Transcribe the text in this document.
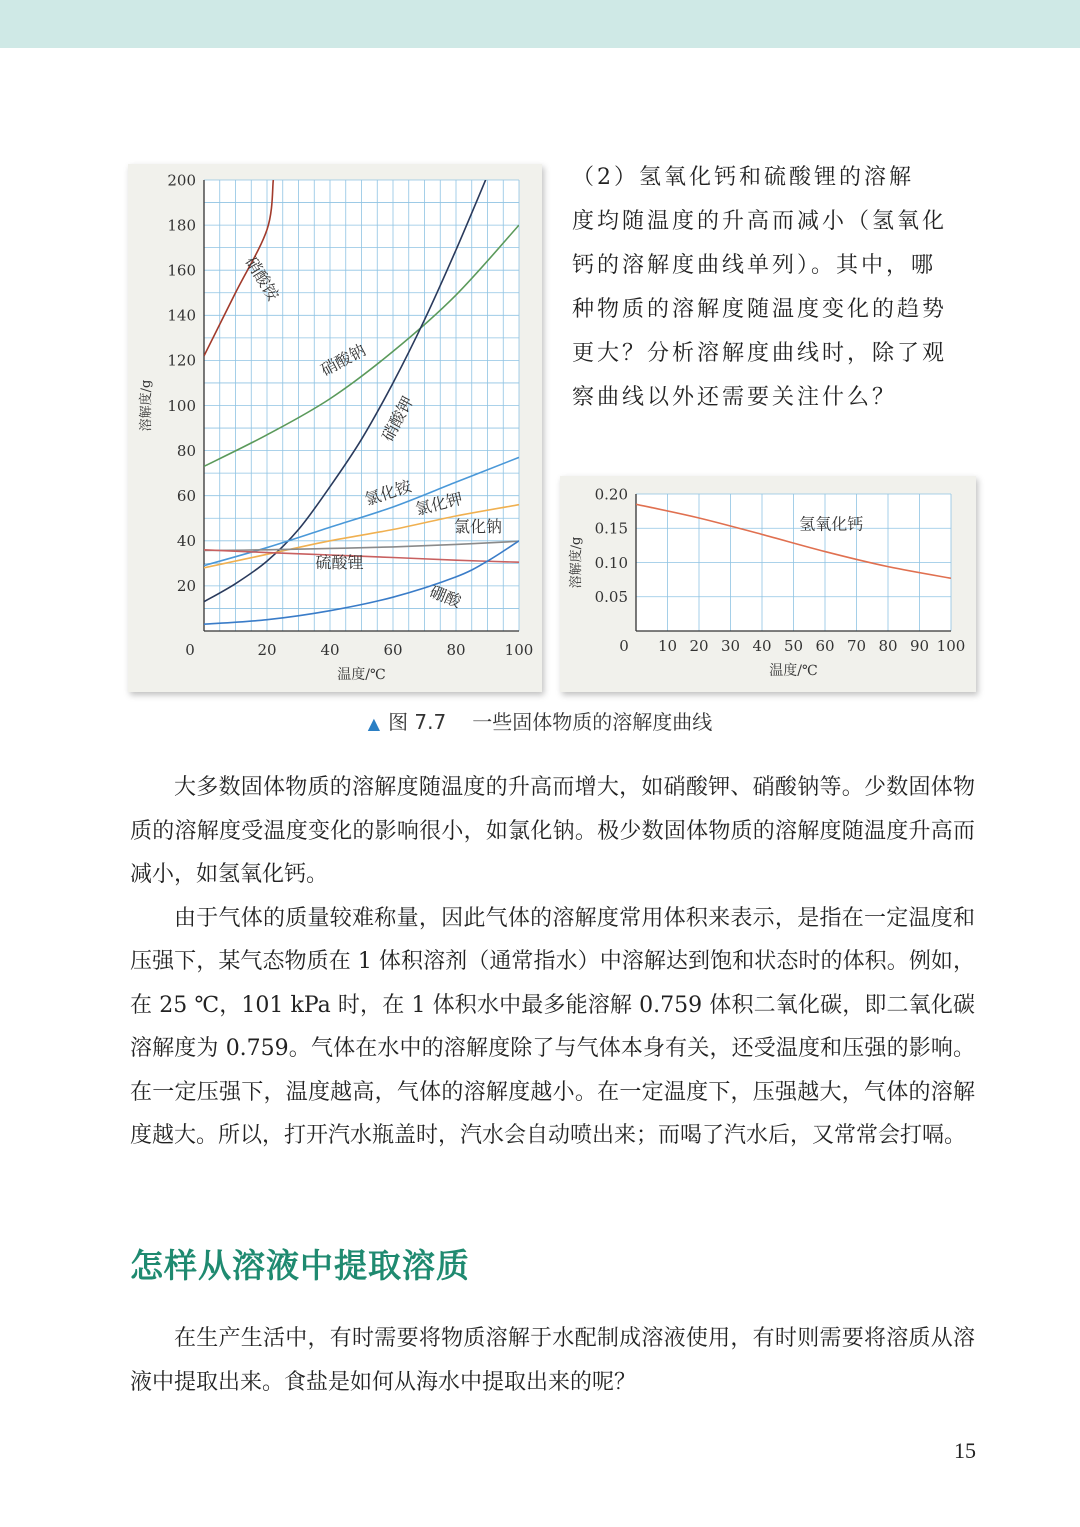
0	20	40	60	80	100
20
40
60
80
100
120
140
160
180
200
温度/℃
溶解度/g
硝酸铵
硝酸钠
硝酸钾
氯化铵 氯化钾
氯化钠
硫酸锂
硼酸
0 10 20 30 40 50 60 70 80 90 100
0.05
0.10
0.15
0.20
温度/℃
溶解度/g
氢氧化钙
（2）氢氧化钙和硫酸锂的溶解
度均随温度的升高而减小（氢氧化
钙的溶解度曲线单列）。其中，哪
种物质的溶解度随温度变化的趋势
更大？分析溶解度曲线时，除了观
察曲线以外还需要关注什么？
▲ 图 7.7 一些固体物质的溶解度曲线

大多数固体物质的溶解度随温度的升高而增大，如硝酸钾、硝酸钠等。少数固体物质的溶解度受温度变化的影响很小，如氯化钠。极少数固体物质的溶解度随温度升高而减小，如氢氧化钙。

由于气体的质量较难称量，因此气体的溶解度常用体积来表示，是指在一定温度和压强下，某气态物质在 1 体积溶剂（通常指水）中溶解达到饱和状态时的体积。例如，在 25 ℃，101 kPa 时，在 1 体积水中最多能溶解 0.759 体积二氧化碳，即二氧化碳溶解度为 0.759。气体在水中的溶解度除了与气体本身有关，还受温度和压强的影响。在一定压强下，温度越高，气体的溶解度越小。在一定温度下，压强越大，气体的溶解度越大。所以，打开汽水瓶盖时，汽水会自动喷出来；而喝了汽水后，又常常会打嗝。

怎样从溶液中提取溶质

在生产生活中，有时需要将物质溶解于水配制成溶液使用，有时则需要将溶质从溶液中提取出来。食盐是如何从海水中提取出来的呢？

15
